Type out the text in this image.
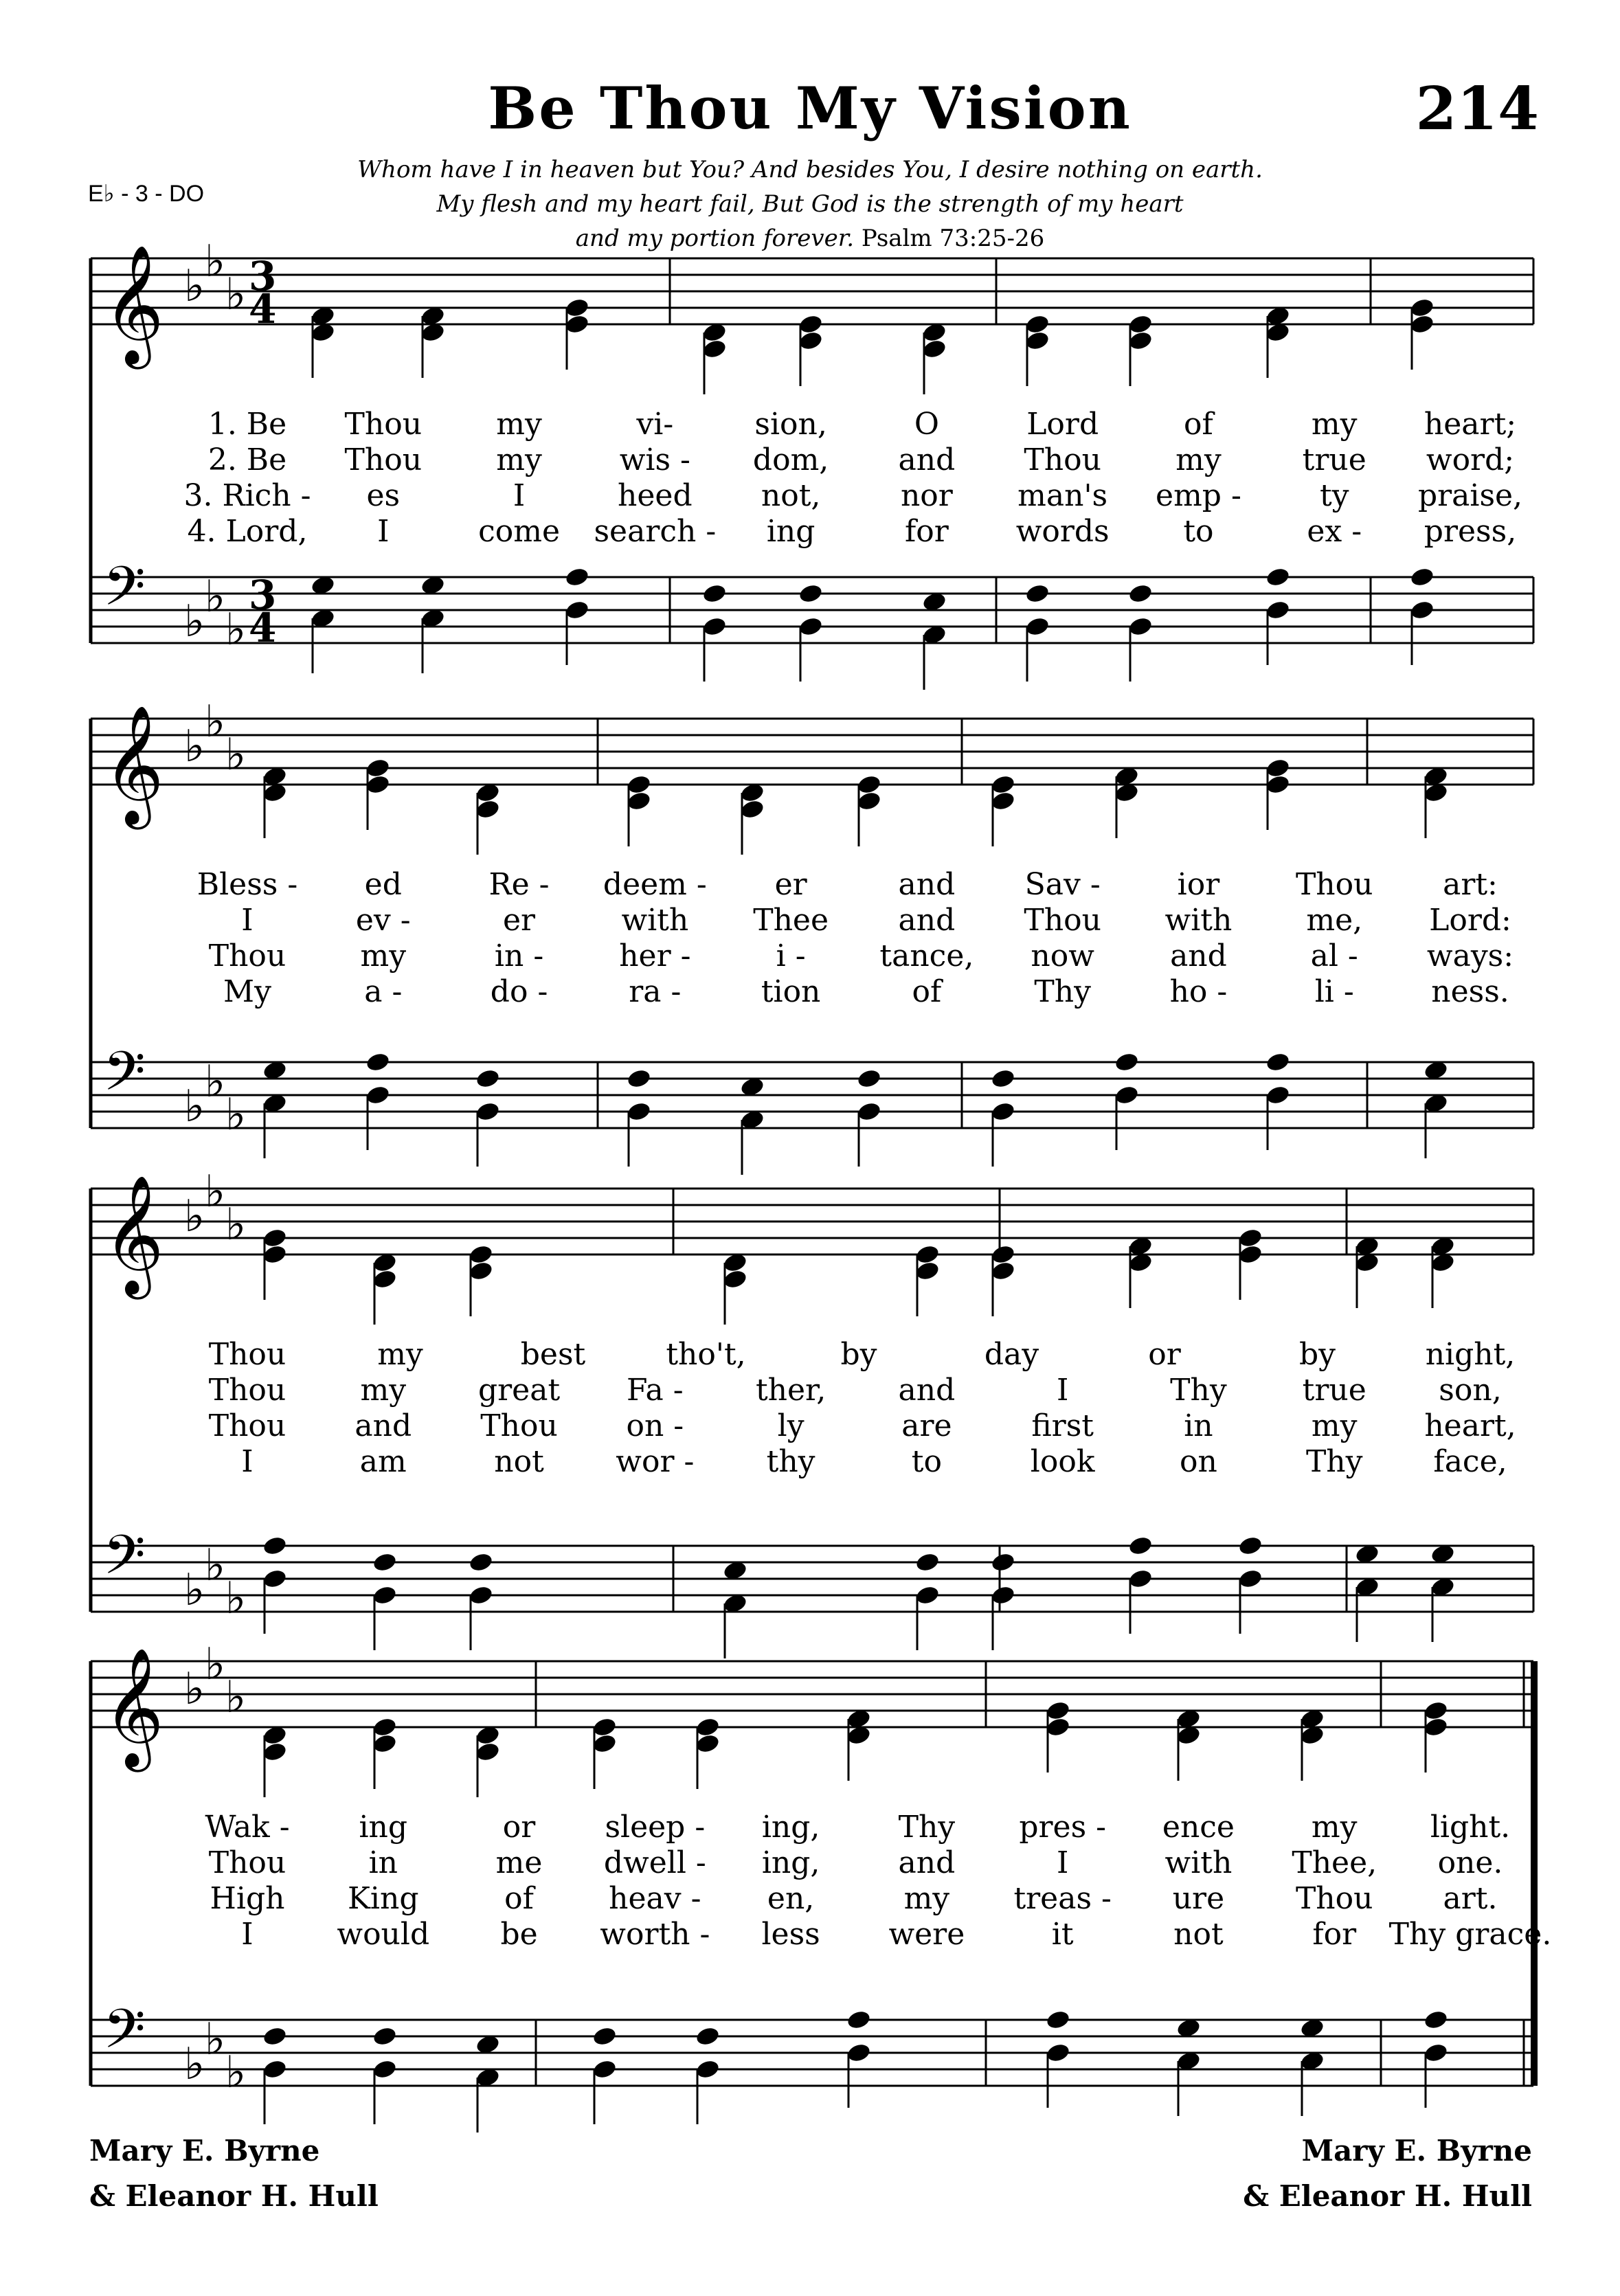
Be Thou My Vision	214
E♭ - 3 - DO
Whom have I in heaven but You? And besides You, I desire nothing on earth.
My flesh and my heart fail, But God is the strength of my heart
and my portion forever. Psalm 73:25-26
𝄞
𝄢
♭ ♭
♭
♭ ♭
♭
3
4
3
4
1. Be Thou my	vi-	sion,	O	Lord	of	my heart;
2. Be Thou my	wis - dom, and Thou my	true word;
3. Rich - es	I	heed not,	nor man's emp -	ty praise,
4. Lord, I	come search - ing	for words to	ex - press,
𝄞
𝄢
♭ ♭
♭
♭ ♭
♭
Bless - ed	Re - deem - er	and Sav -	ior	Thou art:
I	ev -	er	with Thee and Thou with me, Lord:
Thou my	in -	her -	i - tance, now	and	al - ways:
My	a -	do -	ra -	tion	of	Thy	ho -	li -	ness.
𝄞
𝄢
♭ ♭
♭
♭ ♭
♭
Thou	my	best	tho't,	by	day	or	by	night,
Thou my great Fa - ther, and	I	Thy true son,
Thou and Thou on -	ly	are	first	in	my heart,
I	am	not wor - thy	to	look	on	Thy face,
𝄞
𝄢
♭ ♭
♭
♭ ♭
♭
Wak - ing	or sleep - ing,	Thy pres - ence	my light.
Thou	in	me dwell - ing,	and	I	with Thee, one.
High King	of heav - en,	my treas - ure Thou art.
I	would be worth - less were	it	not	for Thy grace.
Mary E. Byrne
& Eleanor H. Hull
Mary E. Byrne
& Eleanor H. Hull
